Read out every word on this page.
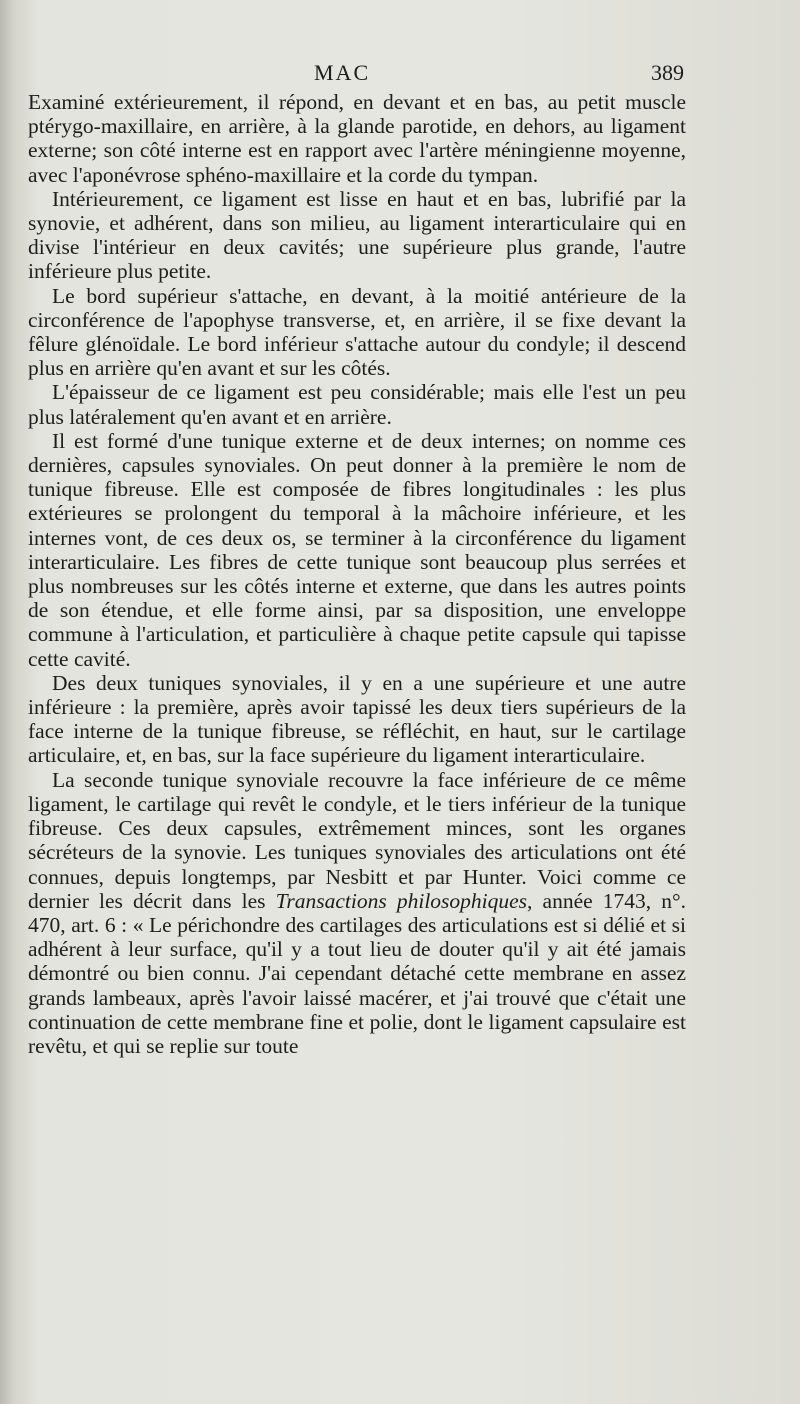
MAC	389

Examiné extérieurement, il répond, en devant et en bas, au petit muscle ptérygo-maxillaire, en arrière, à la glande parotide, en dehors, au ligament externe; son côté interne est en rapport avec l'artère méningienne moyenne, avec l'aponévrose sphéno-maxillaire et la corde du tympan.

Intérieurement, ce ligament est lisse en haut et en bas, lubrifié par la synovie, et adhérent, dans son milieu, au ligament interarticulaire qui en divise l'intérieur en deux cavités; une supérieure plus grande, l'autre inférieure plus petite.

Le bord supérieur s'attache, en devant, à la moitié antérieure de la circonférence de l'apophyse transverse, et, en arrière, il se fixe devant la fêlure glénoïdale. Le bord inférieur s'attache autour du condyle; il descend plus en arrière qu'en avant et sur les côtés.

L'épaisseur de ce ligament est peu considérable; mais elle l'est un peu plus latéralement qu'en avant et en arrière.

Il est formé d'une tunique externe et de deux internes; on nomme ces dernières, capsules synoviales. On peut donner à la première le nom de tunique fibreuse. Elle est composée de fibres longitudinales : les plus extérieures se prolongent du temporal à la mâchoire inférieure, et les internes vont, de ces deux os, se terminer à la circonférence du ligament interarticulaire. Les fibres de cette tunique sont beaucoup plus serrées et plus nombreuses sur les côtés interne et externe, que dans les autres points de son étendue, et elle forme ainsi, par sa disposition, une enveloppe commune à l'articulation, et particulière à chaque petite capsule qui tapisse cette cavité.

Des deux tuniques synoviales, il y en a une supérieure et une autre inférieure : la première, après avoir tapissé les deux tiers supérieurs de la face interne de la tunique fibreuse, se réfléchit, en haut, sur le cartilage articulaire, et, en bas, sur la face supérieure du ligament interarticulaire.

La seconde tunique synoviale recouvre la face inférieure de ce même ligament, le cartilage qui revêt le condyle, et le tiers inférieur de la tunique fibreuse. Ces deux capsules, extrêmement minces, sont les organes sécréteurs de la synovie. Les tuniques synoviales des articulations ont été connues, depuis longtemps, par Nesbitt et par Hunter. Voici comme ce dernier les décrit dans les Transactions philosophiques, année 1743, n°. 470, art. 6 : « Le périchondre des cartilages des articulations est si délié et si adhérent à leur surface, qu'il y a tout lieu de douter qu'il y ait été jamais démontré ou bien connu. J'ai cependant détaché cette membrane en assez grands lambeaux, après l'avoir laissé macérer, et j'ai trouvé que c'était une continuation de cette membrane fine et polie, dont le ligament capsulaire est revêtu, et qui se replie sur toute
